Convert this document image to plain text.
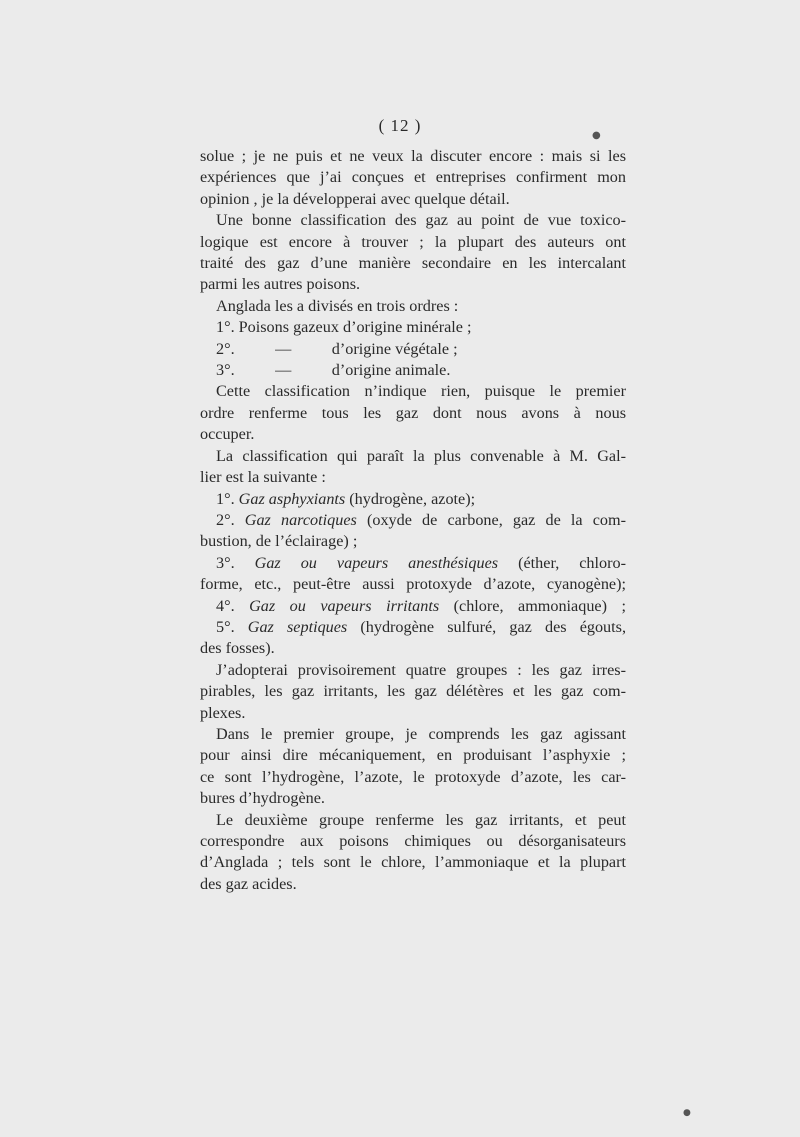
( 12 )
solue ; je ne puis et ne veux la discuter encore : mais si les
expériences que j’ai conçues et entreprises confirment mon
opinion , je la développerai avec quelque détail.
Une bonne classification des gaz au point de vue toxico-
logique est encore à trouver ; la plupart des auteurs ont
traité des gaz d’une manière secondaire en les intercalant
parmi les autres poisons.
Anglada les a divisés en trois ordres :
1°. Poisons gazeux d’origine minérale ;
2°.          —          d’origine végétale ;
3°.          —          d’origine animale.
Cette classification n’indique rien, puisque le premier
ordre renferme tous les gaz dont nous avons à nous
occuper.
La classification qui paraît la plus convenable à M. Gal-
lier est la suivante :
1°. Gaz asphyxiants (hydrogène, azote);
2°. Gaz narcotiques (oxyde de carbone, gaz de la com-
bustion, de l’éclairage) ;
3°. Gaz ou vapeurs anesthésiques (éther, chloro-
forme, etc., peut-être aussi protoxyde d’azote, cyanogène);
4°. Gaz ou vapeurs irritants (chlore, ammoniaque) ;
5°. Gaz septiques (hydrogène sulfuré, gaz des égouts,
des fosses).
J’adopterai provisoirement quatre groupes : les gaz irres-
pirables, les gaz irritants, les gaz délétères et les gaz com-
plexes.
Dans le premier groupe, je comprends les gaz agissant
pour ainsi dire mécaniquement, en produisant l’asphyxie ;
ce sont l’hydrogène, l’azote, le protoxyde d’azote, les car-
bures d’hydrogène.
Le deuxième groupe renferme les gaz irritants, et peut
correspondre aux poisons chimiques ou désorganisateurs
d’Anglada ; tels sont le chlore, l’ammoniaque et la plupart
des gaz acides.
●
●
